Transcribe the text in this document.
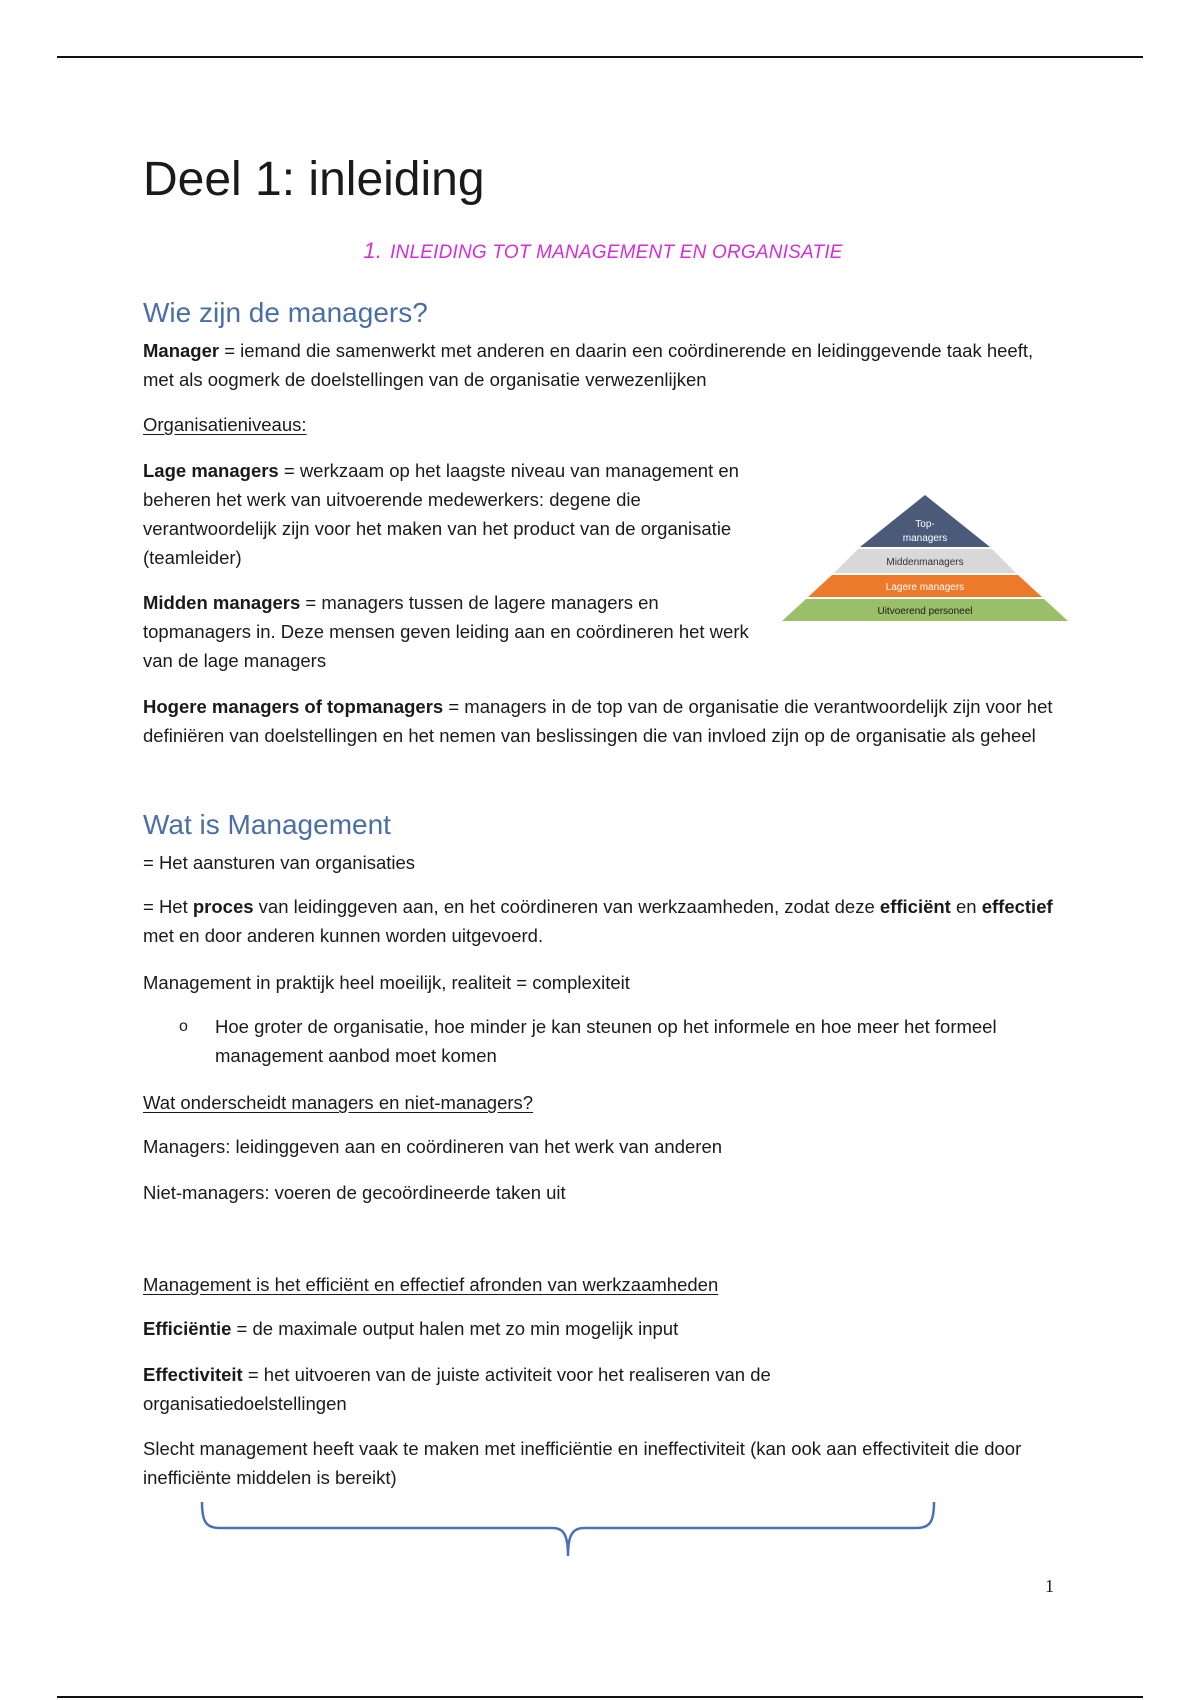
Deel 1: inleiding
1. INLEIDING TOT MANAGEMENT EN ORGANISATIE
Wie zijn de managers?

Manager = iemand die samenwerkt met anderen en daarin een coördinerende en leidinggevende taak heeft, met als oogmerk de doelstellingen van de organisatie verwezenlijken

Organisatieniveaus:

Lage managers = werkzaam op het laagste niveau van management en beheren het werk van uitvoerende medewerkers: degene die verantwoordelijk zijn voor het maken van het product van de organisatie (teamleider)

Midden managers = managers tussen de lagere managers en topmanagers in. Deze mensen geven leiding aan en coördineren het werk van de lage managers

Hogere managers of topmanagers = managers in de top van de organisatie die verantwoordelijk zijn voor het definiëren van doelstellingen en het nemen van beslissingen die van invloed zijn op de organisatie als geheel

Wat is Management

= Het aansturen van organisaties

= Het proces van leidinggeven aan, en het coördineren van werkzaamheden, zodat deze efficiënt en effectief met en door anderen kunnen worden uitgevoerd.

Management in praktijk heel moeilijk, realiteit = complexiteit

o Hoe groter de organisatie, hoe minder je kan steunen op het informele en hoe meer het formeel management aanbod moet komen

Wat onderscheidt managers en niet-managers?

Managers: leidinggeven aan en coördineren van het werk van anderen

Niet-managers: voeren de gecoördineerde taken uit

Management is het efficiënt en effectief afronden van werkzaamheden

Efficiëntie = de maximale output halen met zo min mogelijk input

Effectiviteit = het uitvoeren van de juiste activiteit voor het realiseren van de organisatiedoelstellingen

Slecht management heeft vaak te maken met inefficiëntie en ineffectiviteit (kan ook aan effectiviteit die door inefficiënte middelen is bereikt)

Top-
managers
Middenmanagers
Lagere managers
Uitvoerend personeel
1
